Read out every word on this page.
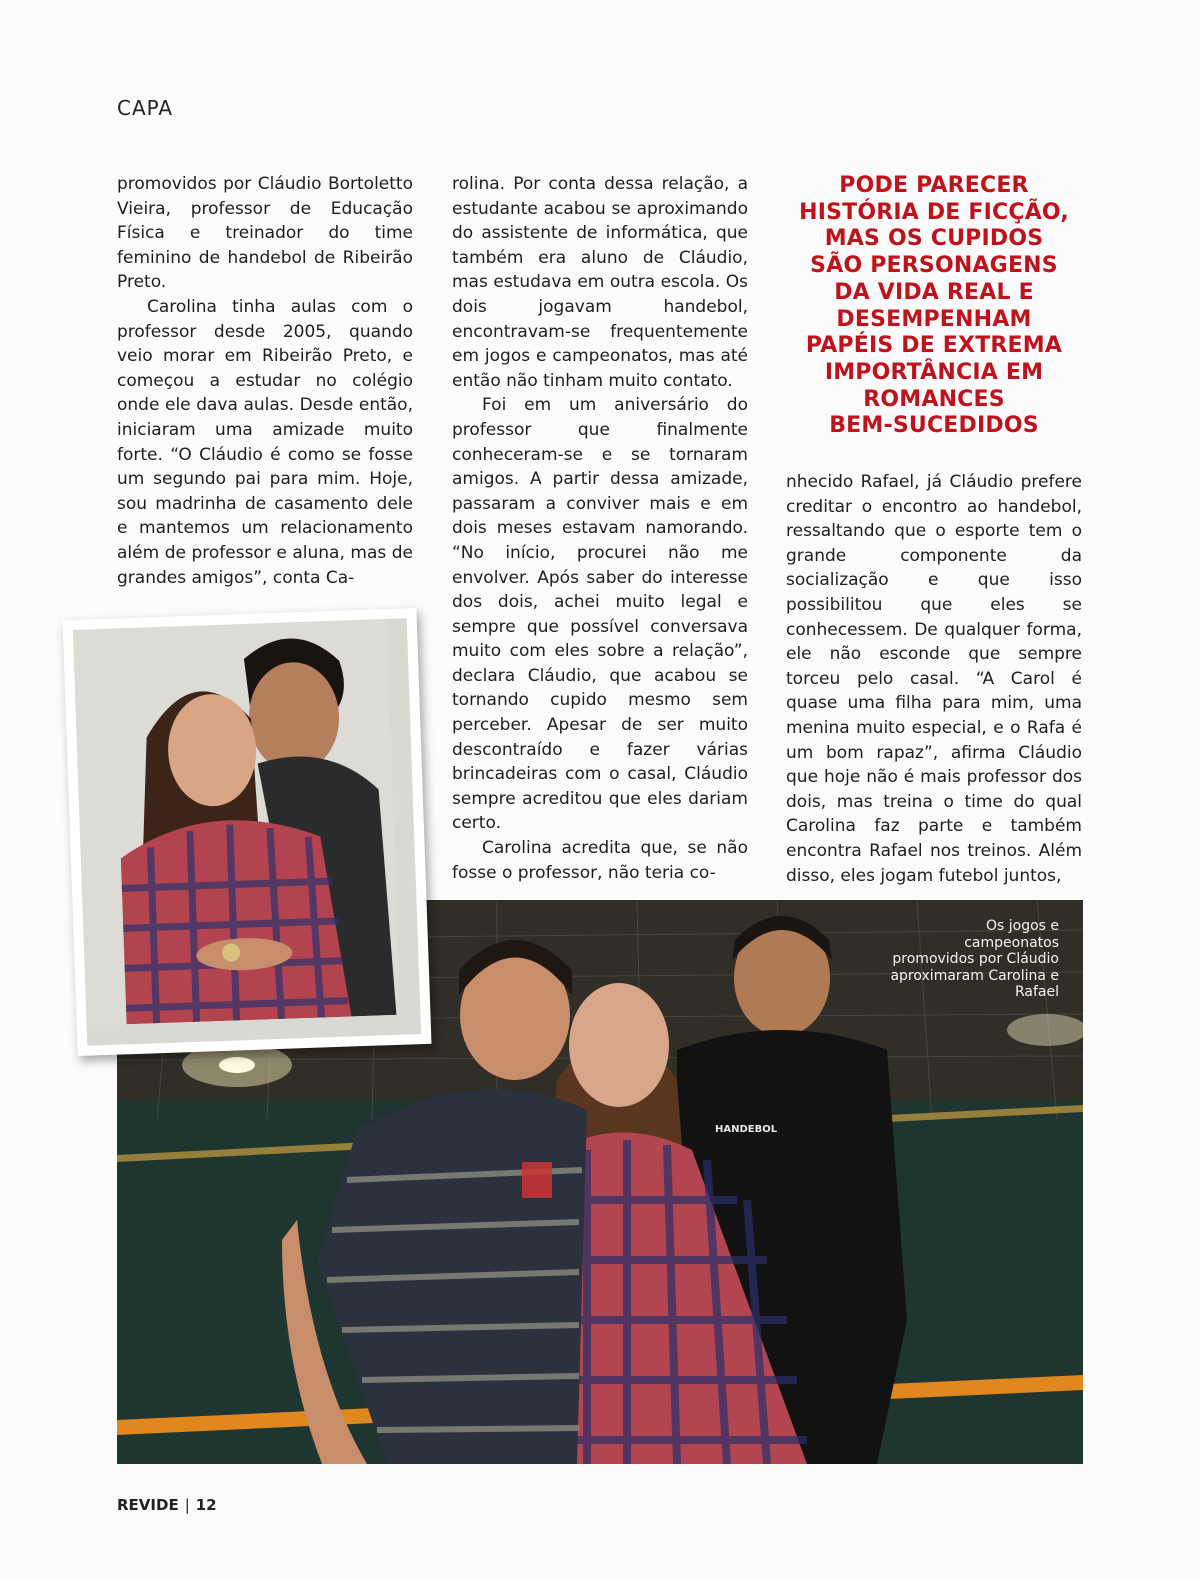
CAPA

promovidos por Cláudio Bortoletto Vieira, professor de Educação Física e treinador do time feminino de handebol de Ribeirão Preto.

Carolina tinha aulas com o professor desde 2005, quando veio morar em Ribeirão Preto, e começou a estudar no colégio onde ele dava aulas. Desde então, iniciaram uma amizade muito forte. “O Cláudio é como se fosse um segundo pai para mim. Hoje, sou madrinha de casamento dele e mantemos um relacionamento além de professor e aluna, mas de grandes amigos”, conta Ca-

rolina. Por conta dessa relação, a estudante acabou se aproximando do assistente de informática, que também era aluno de Cláudio, mas estudava em outra escola. Os dois jogavam handebol, encontravam-se frequentemente em jogos e campeonatos, mas até então não tinham muito contato.

Foi em um aniversário do professor que finalmente conheceram-se e se tornaram amigos. A partir dessa amizade, passaram a conviver mais e em dois meses estavam namorando. “No início, procurei não me envolver. Após saber do interesse dos dois, achei muito legal e sempre que possível conversava muito com eles sobre a relação”, declara Cláudio, que acabou se tornando cupido mesmo sem perceber. Apesar de ser muito descontraído e fazer várias brincadeiras com o casal, Cláudio sempre acreditou que eles dariam certo.

Carolina acredita que, se não fosse o professor, não teria co-

PODE PARECER
HISTÓRIA DE FICÇÃO,
MAS OS CUPIDOS
SÃO PERSONAGENS
DA VIDA REAL E
DESEMPENHAM
PAPÉIS DE EXTREMA
IMPORTÂNCIA EM
ROMANCES
BEM-SUCEDIDOS

nhecido Rafael, já Cláudio prefere creditar o encontro ao handebol, ressaltando que o esporte tem o grande componente da socialização e que isso possibilitou que eles se conhecessem. De qualquer forma, ele não esconde que sempre torceu pelo casal. “A Carol é quase uma filha para mim, uma menina muito especial, e o Rafa é um bom rapaz”, afirma Cláudio que hoje não é mais professor dos dois, mas treina o time do qual Carolina faz parte e também encontra Rafael nos treinos. Além disso, eles jogam futebol juntos,

HANDEBOL
Os jogos e campeonatos promovidos por Cláudio aproximaram Carolina e Rafael
REVIDE | 12
